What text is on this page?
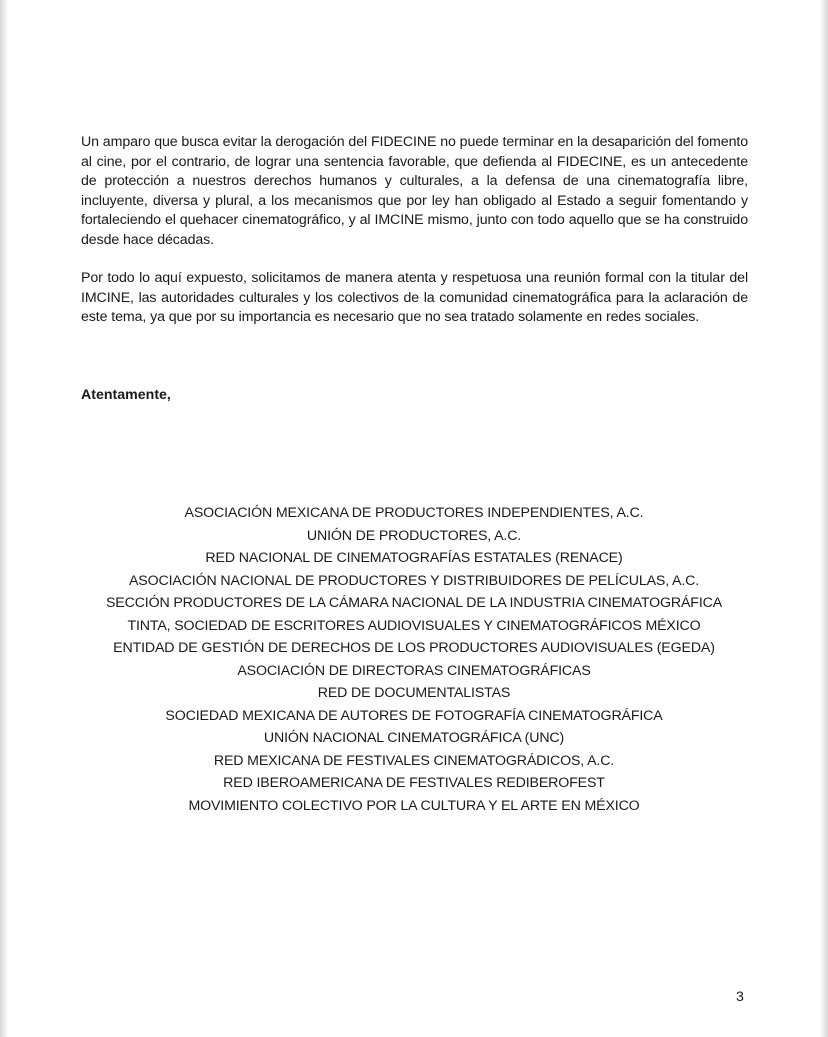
Un amparo que busca evitar la derogación del FIDECINE no puede terminar en la desaparición del fomento al cine, por el contrario, de lograr una sentencia favorable, que defienda al FIDECINE, es un antecedente de protección a nuestros derechos humanos y culturales, a la defensa de una cinematografía libre, incluyente, diversa y plural, a los mecanismos que por ley han obligado al Estado a seguir fomentando y fortaleciendo el quehacer cinematográfico, y al IMCINE mismo, junto con todo aquello que se ha construido desde hace décadas.

Por todo lo aquí expuesto, solicitamos de manera atenta y respetuosa una reunión formal con la titular del IMCINE, las autoridades culturales y los colectivos de la comunidad cinematográfica para la aclaración de este tema, ya que por su importancia es necesario que no sea tratado solamente en redes sociales.

Atentamente,

ASOCIACIÓN MEXICANA DE PRODUCTORES INDEPENDIENTES, A.C.
UNIÓN DE PRODUCTORES, A.C.
RED NACIONAL DE CINEMATOGRAFÍAS ESTATALES (RENACE)
ASOCIACIÓN NACIONAL DE PRODUCTORES Y DISTRIBUIDORES DE PELÍCULAS, A.C.
SECCIÓN PRODUCTORES DE LA CÁMARA NACIONAL DE LA INDUSTRIA CINEMATOGRÁFICA
TINTA, SOCIEDAD DE ESCRITORES AUDIOVISUALES Y CINEMATOGRÁFICOS MÉXICO
ENTIDAD DE GESTIÓN DE DERECHOS DE LOS PRODUCTORES AUDIOVISUALES (EGEDA)
ASOCIACIÓN DE DIRECTORAS CINEMATOGRÁFICAS
RED DE DOCUMENTALISTAS
SOCIEDAD MEXICANA DE AUTORES DE FOTOGRAFÍA CINEMATOGRÁFICA
UNIÓN NACIONAL CINEMATOGRÁFICA (UNC)
RED MEXICANA DE FESTIVALES CINEMATOGRÁDICOS, A.C.
RED IBEROAMERICANA DE FESTIVALES REDIBEROFEST
MOVIMIENTO COLECTIVO POR LA CULTURA Y EL ARTE EN MÉXICO
3
